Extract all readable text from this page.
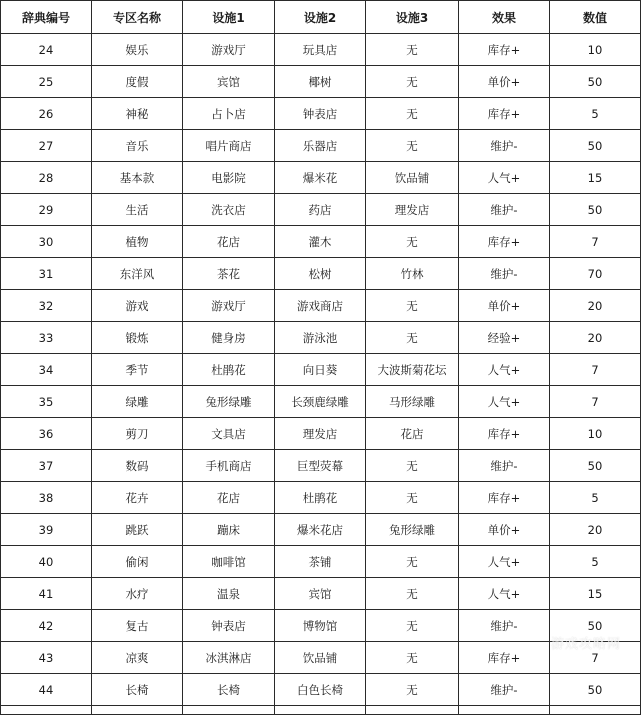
辞典编号	专区名称	设施1	设施2	设施3	效果	数值
24	娱乐	游戏厅	玩具店	无	库存+	10
25	度假	宾馆	椰树	无	单价+	50
26	神秘	占卜店	钟表店	无	库存+	5
27	音乐	唱片商店	乐器店	无	维护-	50
28	基本款	电影院	爆米花	饮品铺	人气+	15
29	生活	洗衣店	药店	理发店	维护-	50
30	植物	花店	灌木	无	库存+	7
31	东洋风	茶花	松树	竹林	维护-	70
32	游戏	游戏厅	游戏商店	无	单价+	20
33	锻炼	健身房	游泳池	无	经验+	20
34	季节	杜鹃花	向日葵	大波斯菊花坛	人气+	7
35	绿雕	兔形绿雕	长颈鹿绿雕	马形绿雕	人气+	7
36	剪刀	文具店	理发店	花店	库存+	10
37	数码	手机商店	巨型荧幕	无	维护-	50
38	花卉	花店	杜鹃花	无	库存+	5
39	跳跃	蹦床	爆米花店	兔形绿雕	单价+	20
40	偷闲	咖啡馆	茶铺	无	人气+	5
41	水疗	温泉	宾馆	无	人气+	15
42	复古	钟表店	博物馆	无	维护-	50
43	凉爽	冰淇淋店	饮品铺	无	库存+	7
44	长椅	长椅	白色长椅	无	维护-	50

游戏攻略网
